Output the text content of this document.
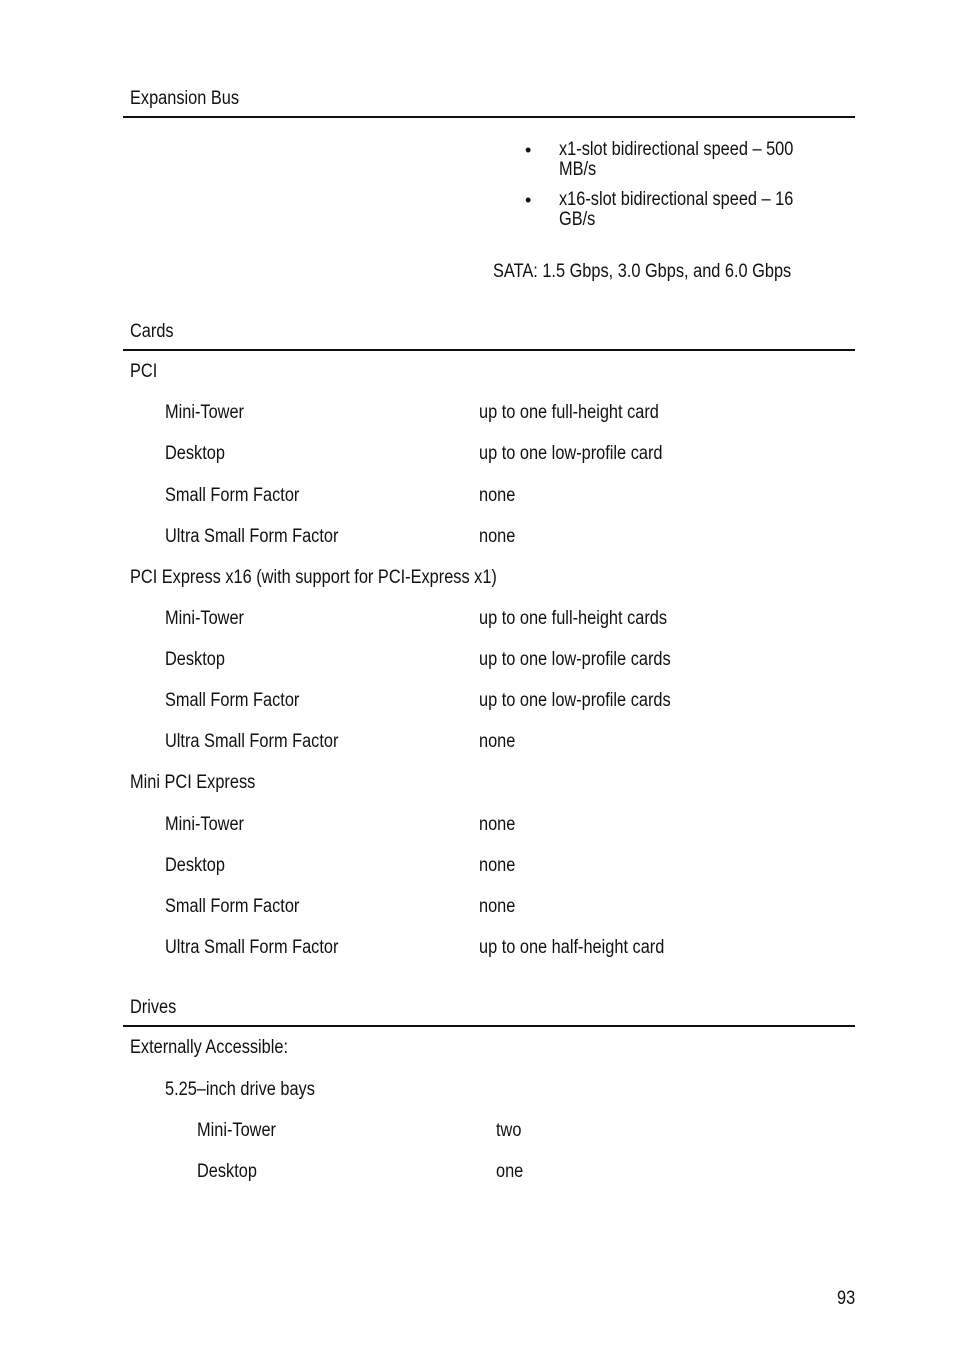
Expansion Bus
• x1-slot bidirectional speed – 500 MB/s
• x16-slot bidirectional speed – 16 GB/s
SATA: 1.5 Gbps, 3.0 Gbps, and 6.0 Gbps
Cards
PCI
Mini-Tower	up to one full-height card
Desktop	up to one low-profile card
Small Form Factor	none
Ultra Small Form Factor	none
PCI Express x16 (with support for PCI-Express x1)
Mini-Tower	up to one full-height cards
Desktop	up to one low-profile cards
Small Form Factor	up to one low-profile cards
Ultra Small Form Factor	none
Mini PCI Express
Mini-Tower	none
Desktop	none
Small Form Factor	none
Ultra Small Form Factor	up to one half-height card
Drives
Externally Accessible:
5.25–inch drive bays
Mini-Tower	two
Desktop	one
93
